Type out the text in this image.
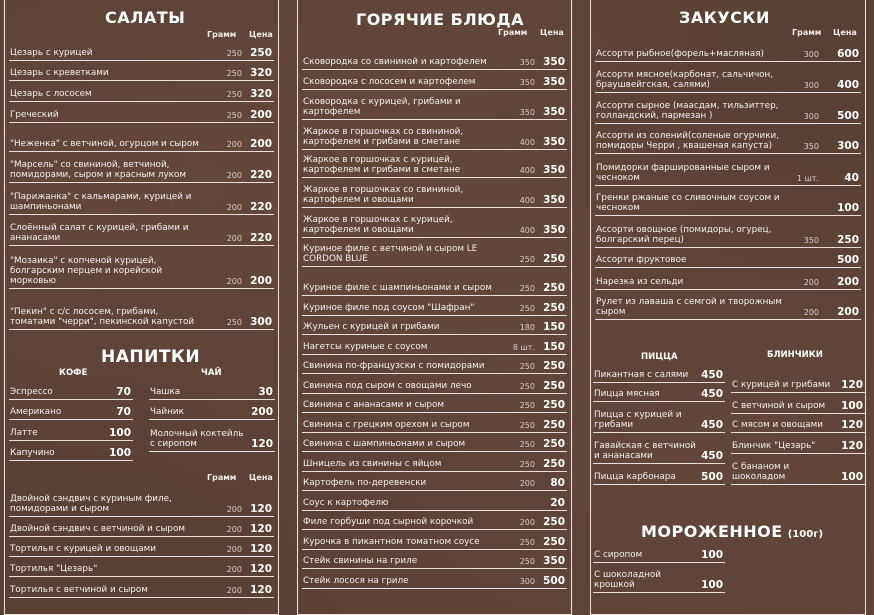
САЛАТЫ
Грамм Цена
Цезарь с курицей	250 250
Цезарь с креветками	250 320
Цезарь с лососем	250 320
Греческий	250 200
"Неженка" с ветчиной, огурцом и сыром	200 200
"Марсель" со свининой, ветчиной, помидорами, сыром и красным луком	200 220
"Парижанка" с кальмарами, курицей и шампиньонами	200 220
Слоённый салат с курицей, грибами и ананасами	200 220
"Мозаика" с копченой курицей, болгарским перцем и корейской морковью	200 200
"Пекин" с с/с лососем, грибами, томатами "черри", пекинской капустой	250 300
НАПИТКИ
КОФЕ	ЧАЙ
Эспрессо	70
Американо	70
Латте	100
Капучино	100
Чашка	30
Чайник	200
Молочный коктейль с сиропом	120
Грамм Цена
Двойной сэндвич с куриным филе, помидорами и сыром	200 120
Двойной сэндвич с ветчиной и сыром	200 120
Тортилья с курицей и овощами	200 120
Тортилья "Цезарь"	200 120
Тортилья с ветчиной и сыром	200 120
ГОРЯЧИЕ БЛЮДА
Грамм Цена
Сковородка со свининой и картофелем	350 350
Сковородка с лососем и картофелем	350 350
Сковородка с курицей, грибами и картофелем	350 350
Жаркое в горшочках со свининой, картофелем и грибами в сметане	400 350
Жаркое в горшочках с курицей, картофелем и грибами в сметане	400 350
Жаркое в горшочках со свининой, картофелем и овощами	400 350
Жаркое в горшочках с курицей, картофелем и овощами	400 350
Куриное филе с ветчиной и сыром LE CORDON BLUE	250 250
Куриное филе с шампиньонами и сыром	250 250
Куриное филе под соусом "Шафран"	250 250
Жульен с курицей и грибами	180 150
Нагетсы куриные с соусом	8 шт. 150
Свинина по-французски с помидорами	250 250
Свинина под сыром с овощами лечо	250 250
Свинина с ананасами и сыром	250 250
Свинина с грецким орехом и сыром	250 250
Свинина с шампиньонами и сыром	250 250
Шницель из свинины с яйцом	250 250
Картофель по-деревенски	200 80
Соус к картофелю	20
Филе горбуши под сырной корочкой	200 250
Курочка в пикантном томатном соусе	250 250
Стейк свинины на гриле	250 350
Стейк лосося на гриле	300 500
ЗАКУСКИ
Грамм Цена
Ассорти рыбное(форель+масляная)	300 600
Ассорти мясное(карбонат, сальчичон, браушвейгская, салями)	300 400
Ассорти сырное (маасдам, тильзиттер, голландский, пармезан )	300 500
Ассорти из солений(соленые огурчики, помидоры Черри , квашеная капуста)	350 300
Помидорки фаршированные сыром и чесноком	1 шт. 40
Гренки ржаные со сливочным соусом и чесноком	100
Ассорти овощное (помидоры, огурец, болгарский перец)	350 250
Ассорти фруктовое	500
Нарезка из сельди	200 200
Рулет из лаваша с семгой и творожным сыром	200 200
ПИЦЦА	БЛИНЧИКИ
Пикантная с салями	450
Пицца мясная	450
Пицца с курицей и грибами	450
Гавайская с ветчиной и ананасами	450
Пицца карбонара	500
С курицей и грибами	120
С ветчиной и сыром	100
С мясом и овощами	120
Блинчик "Цезарь"	120
С бананом и шоколадом	100
МОРОЖЕННОЕ (100г)
С сиропом	100
С шоколадной крошкой	100
